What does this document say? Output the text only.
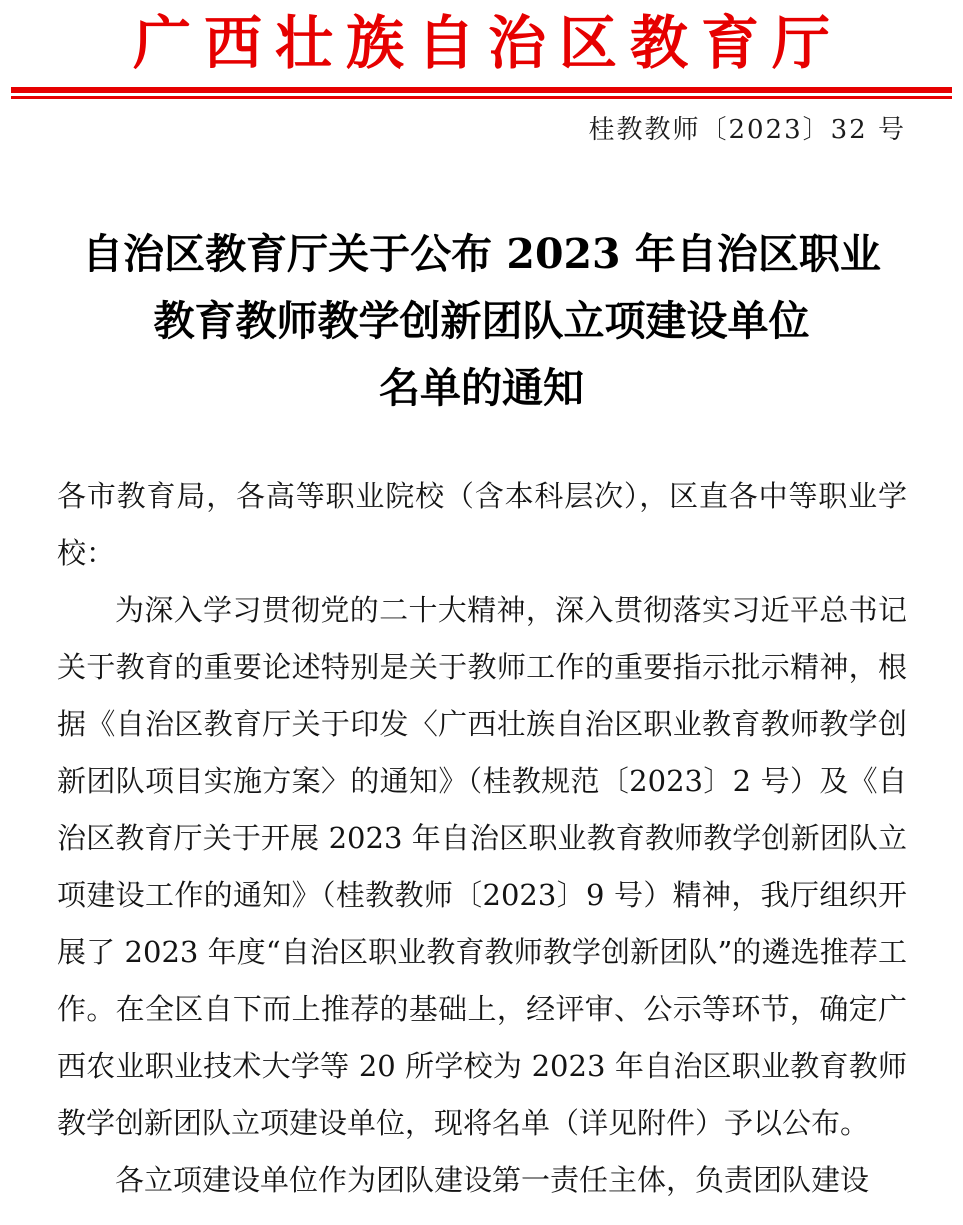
广西壮族自治区教育厅
桂教教师〔2023〕32 号
自治区教育厅关于公布 2023 年自治区职业
教育教师教学创新团队立项建设单位
名单的通知
各市教育局，各高等职业院校（含本科层次），区直各中等职业学校：
为深入学习贯彻党的二十大精神，深入贯彻落实习近平总书记关于教育的重要论述特别是关于教师工作的重要指示批示精神，根据《自治区教育厅关于印发〈广西壮族自治区职业教育教师教学创新团队项目实施方案〉的通知》（桂教规范〔2023〕2 号）及《自治区教育厅关于开展 2023 年自治区职业教育教师教学创新团队立项建设工作的通知》（桂教教师〔2023〕9 号）精神，我厅组织开展了 2023 年度“自治区职业教育教师教学创新团队”的遴选推荐工作。在全区自下而上推荐的基础上，经评审、公示等环节，确定广西农业职业技术大学等 20 所学校为 2023 年自治区职业教育教师教学创新团队立项建设单位，现将名单（详见附件）予以公布。
各立项建设单位作为团队建设第一责任主体，负责团队建设
